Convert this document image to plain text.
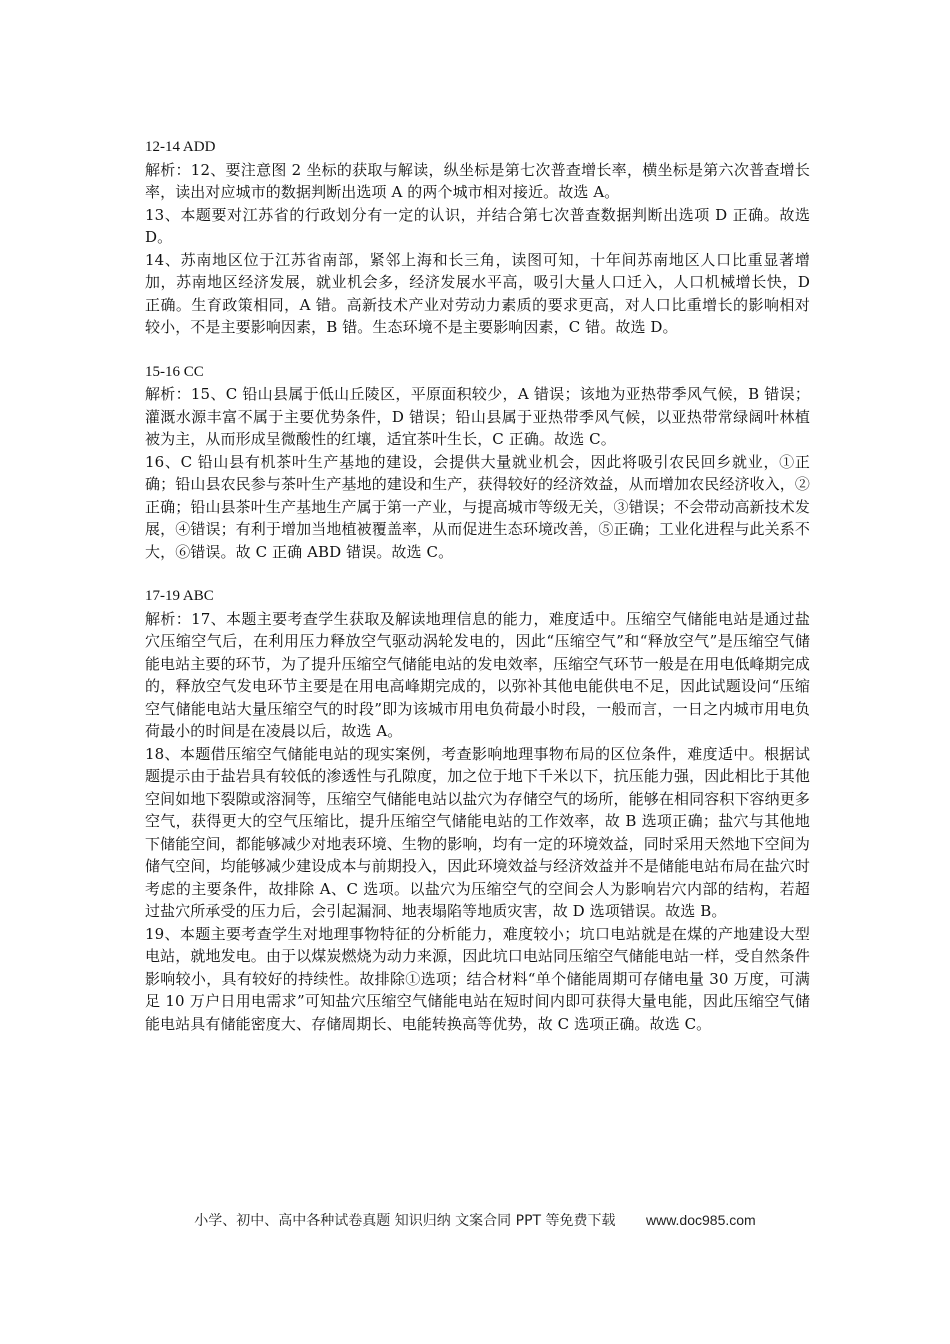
12-14 ADD

解析：12、要注意图 2 坐标的获取与解读，纵坐标是第七次普查增长率，横坐标是第六次普查增长率，读出对应城市的数据判断出选项 A 的两个城市相对接近。故选 A。

13、本题要对江苏省的行政划分有一定的认识，并结合第七次普查数据判断出选项 D 正确。故选 D。

14、苏南地区位于江苏省南部，紧邻上海和长三角，读图可知，十年间苏南地区人口比重显著增加，苏南地区经济发展，就业机会多，经济发展水平高，吸引大量人口迁入，人口机械增长快，D 正确。生育政策相同，A 错。高新技术产业对劳动力素质的要求更高，对人口比重增长的影响相对较小，不是主要影响因素，B 错。生态环境不是主要影响因素，C 错。故选 D。

15-16 CC

解析：15、C 铅山县属于低山丘陵区，平原面积较少，A 错误；该地为亚热带季风气候，B 错误；灌溉水源丰富不属于主要优势条件，D 错误；铅山县属于亚热带季风气候，以亚热带常绿阔叶林植被为主，从而形成呈微酸性的红壤，适宜茶叶生长，C 正确。故选 C。

16、C 铅山县有机茶叶生产基地的建设，会提供大量就业机会，因此将吸引农民回乡就业，①正确；铅山县农民参与茶叶生产基地的建设和生产，获得较好的经济效益，从而增加农民经济收入，②正确；铅山县茶叶生产基地生产属于第一产业，与提高城市等级无关，③错误；不会带动高新技术发展，④错误；有利于增加当地植被覆盖率，从而促进生态环境改善，⑤正确；工业化进程与此关系不大，⑥错误。故 C 正确 ABD 错误。故选 C。

17-19 ABC

解析：17、本题主要考查学生获取及解读地理信息的能力，难度适中。压缩空气储能电站是通过盐穴压缩空气后，在利用压力释放空气驱动涡轮发电的，因此“压缩空气”和“释放空气”是压缩空气储能电站主要的环节，为了提升压缩空气储能电站的发电效率，压缩空气环节一般是在用电低峰期完成的，释放空气发电环节主要是在用电高峰期完成的，以弥补其他电能供电不足，因此试题设问“压缩空气储能电站大量压缩空气的时段”即为该城市用电负荷最小时段，一般而言，一日之内城市用电负荷最小的时间是在凌晨以后，故选 A。

18、本题借压缩空气储能电站的现实案例，考查影响地理事物布局的区位条件，难度适中。根据试题提示由于盐岩具有较低的渗透性与孔隙度，加之位于地下千米以下，抗压能力强，因此相比于其他空间如地下裂隙或溶洞等，压缩空气储能电站以盐穴为存储空气的场所，能够在相同容积下容纳更多空气，获得更大的空气压缩比，提升压缩空气储能电站的工作效率，故 B 选项正确；盐穴与其他地下储能空间，都能够减少对地表环境、生物的影响，均有一定的环境效益，同时采用天然地下空间为储气空间，均能够减少建设成本与前期投入，因此环境效益与经济效益并不是储能电站布局在盐穴时考虑的主要条件，故排除 A、C 选项。以盐穴为压缩空气的空间会人为影响岩穴内部的结构，若超过盐穴所承受的压力后，会引起漏洞、地表塌陷等地质灾害，故 D 选项错误。故选 B。

19、本题主要考查学生对地理事物特征的分析能力，难度较小；坑口电站就是在煤的产地建设大型电站，就地发电。由于以煤炭燃烧为动力来源，因此坑口电站同压缩空气储能电站一样，受自然条件影响较小，具有较好的持续性。故排除①选项；结合材料“单个储能周期可存储电量 30 万度，可满足 10 万户日用电需求”可知盐穴压缩空气储能电站在短时间内即可获得大量电能，因此压缩空气储能电站具有储能密度大、存储周期长、电能转换高等优势，故 C 选项正确。故选 C。

小学、初中、高中各种试卷真题 知识归纳 文案合同 PPT 等免费下载 www.doc985.com
